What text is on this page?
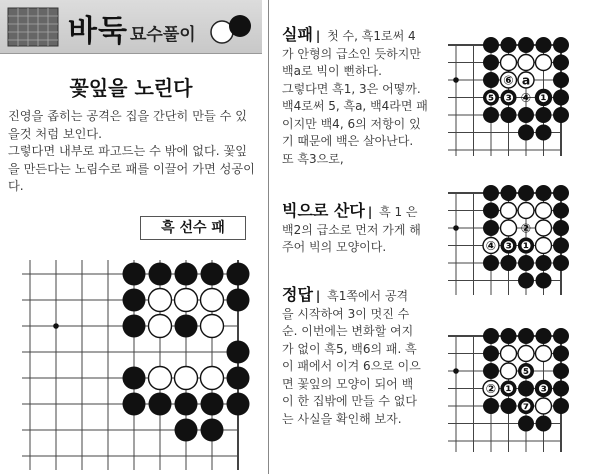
바둑 묘수풀이
꽃잎을 노린다

진영을 좁히는 공격은 집을 간단히 만들 수 있을것 처럼 보인다.

그렇다면 내부로 파고드는 수 밖에 없다. 꽃잎을 만든다는 노림수로 패를 이끌어 가면 성공이다.

흑 선수 패
실패 | 첫 수, 흑1로써 4
가 안형의 급소인 듯하지만
백a로 빅이 뻔하다.
그렇다면 흑1, 3은 어떻까.
백4로써 5, 흑a, 백4라면 패
이지만 백4, 6의 저항이 있
기 때문에 백은 살아난다.
또 흑3으로,
빅으로 산다 | 흑 1 은
백2의 급소로 먼저 가게 해
주어 빅의 모양이다.
정답 | 흑1쪽에서 공격
을 시작하여 3이 멋진 수
순. 이번에는 변화할 여지
가 없이 흑5, 백6의 패. 흑
이 패에서 이겨 6으로 이으
면 꽃잎의 모양이 되어 백
이 한 집밖에 만들 수 없다
는 사실을 확인해 보자.
⑥ a
❺ ❸ ④ ❶ ②
②
④ ❸ ❶
❺
② ❶ ⑥ ❸ ④
❼
